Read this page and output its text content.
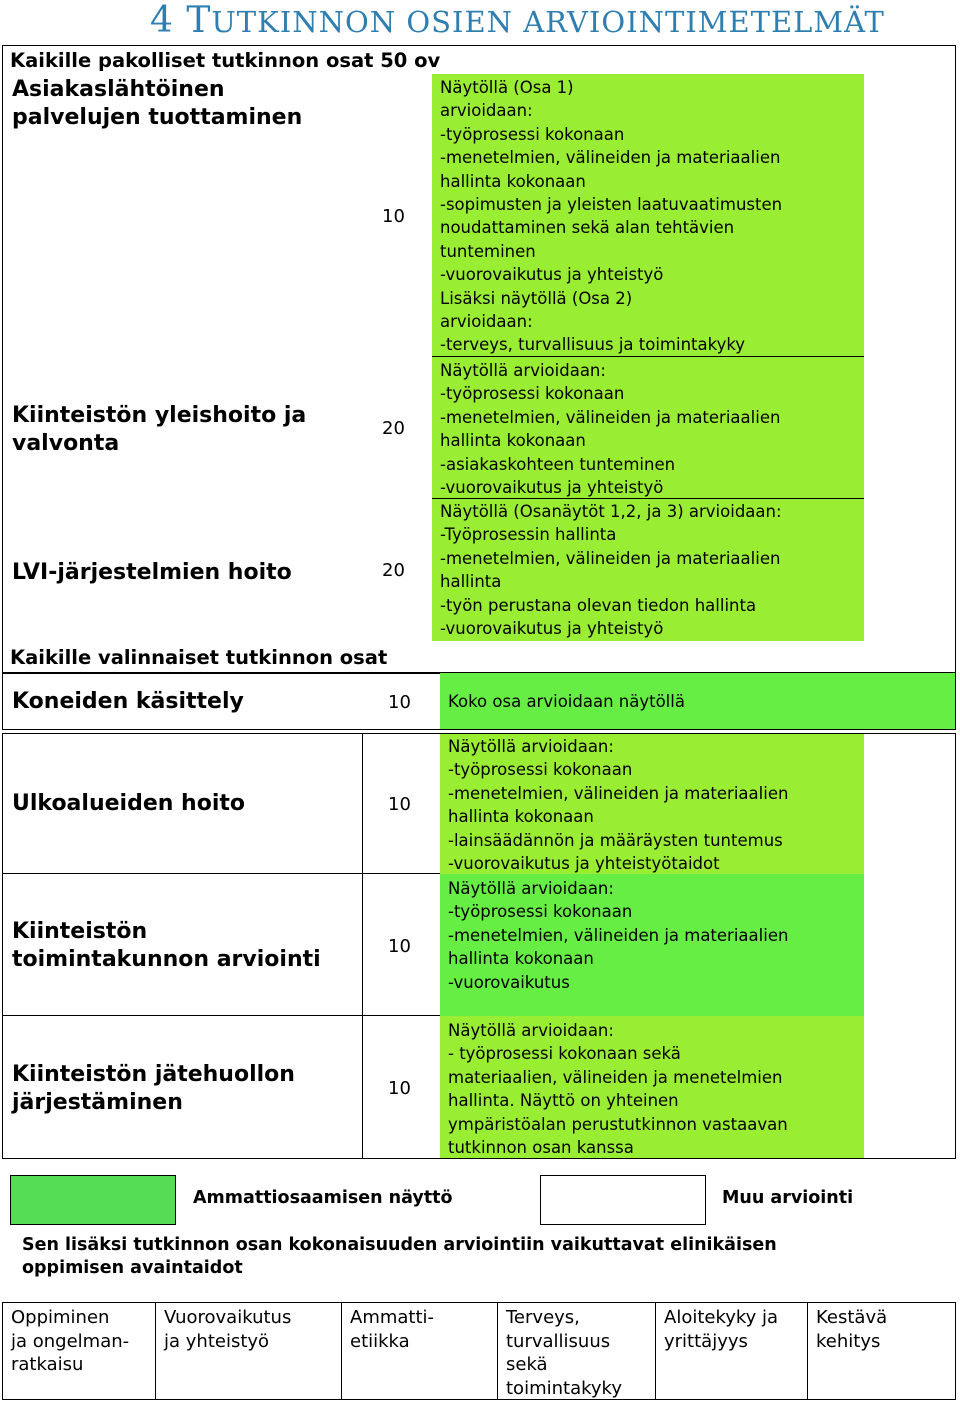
4 TUTKINNON OSIEN ARVIOINTIMETELMÄT
Kaikille pakolliset tutkinnon osat 50 ov
Asiakaslähtöinen
palvelujen tuottaminen
10
Näytöllä (Osa 1)
arvioidaan:
-työprosessi kokonaan
-menetelmien, välineiden ja materiaalien
hallinta kokonaan
-sopimusten ja yleisten laatuvaatimusten
noudattaminen sekä alan tehtävien
tunteminen
-vuorovaikutus ja yhteistyö
Lisäksi näytöllä (Osa 2)
arvioidaan:
-terveys, turvallisuus ja toimintakyky
Kiinteistön yleishoito ja
valvonta
20
Näytöllä arvioidaan:
-työprosessi kokonaan
-menetelmien, välineiden ja materiaalien
hallinta kokonaan
-asiakaskohteen tunteminen
-vuorovaikutus ja yhteistyö
LVI-järjestelmien hoito	20
Näytöllä (Osanäytöt 1,2, ja 3) arvioidaan:
-Työprosessin hallinta
-menetelmien, välineiden ja materiaalien
hallinta
-työn perustana olevan tiedon hallinta
-vuorovaikutus ja yhteistyö
Kaikille valinnaiset tutkinnon osat
Koneiden käsittely	10 Koko osa arvioidaan näytöllä
Ulkoalueiden hoito	10
Näytöllä arvioidaan:
-työprosessi kokonaan
-menetelmien, välineiden ja materiaalien
hallinta kokonaan
-lainsäädännön ja määräysten tuntemus
-vuorovaikutus ja yhteistyötaidot
Kiinteistön
toimintakunnon arviointi
10
Näytöllä arvioidaan:
-työprosessi kokonaan
-menetelmien, välineiden ja materiaalien
hallinta kokonaan
-vuorovaikutus
Kiinteistön jätehuollon
järjestäminen
10
Näytöllä arvioidaan:
- työprosessi kokonaan sekä
materiaalien, välineiden ja menetelmien
hallinta. Näyttö on yhteinen
ympäristöalan perustutkinnon vastaavan
tutkinnon osan kanssa
Ammattiosaamisen näyttö	Muu arviointi
Sen lisäksi tutkinnon osan kokonaisuuden arviointiin vaikuttavat elinikäisen
oppimisen avaintaidot
Oppiminen
ja ongelman-
ratkaisu
Vuorovaikutus
ja yhteistyö
Ammatti-
etiikka
Terveys,
turvallisuus
sekä
toimintakyky
Aloitekyky ja
yrittäjyys
Kestävä
kehitys
